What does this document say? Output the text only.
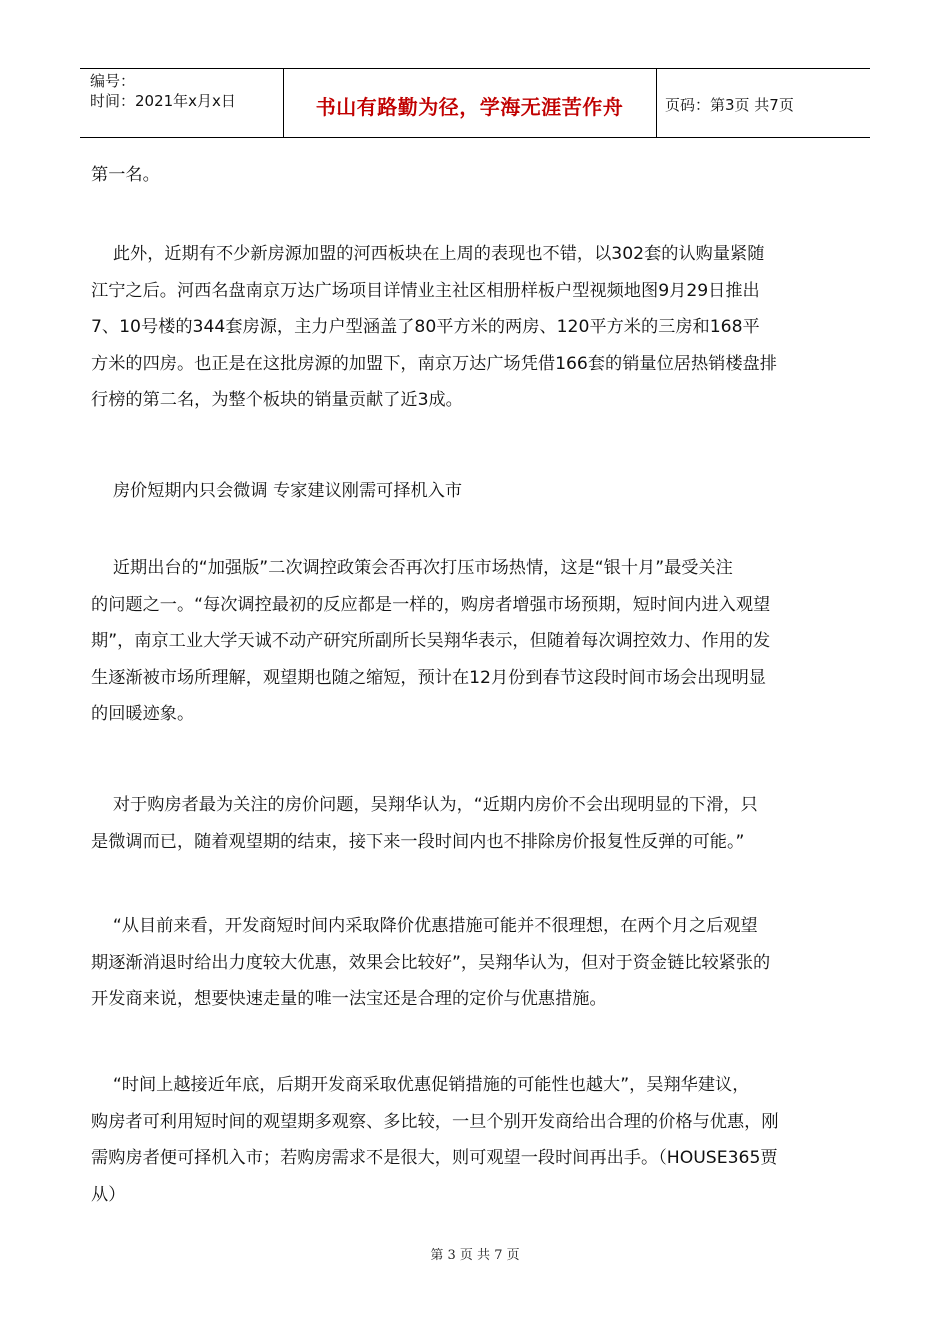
编号：
时间：2021年x月x日	书山有路勤为径，学海无涯苦作舟	页码：第3页 共7页
第一名。
此外，近期有不少新房源加盟的河西板块在上周的表现也不错，以302套的认购量紧随
江宁之后。河西名盘南京万达广场项目详情业主社区相册样板户型视频地图9月29日推出
7、10号楼的344套房源，主力户型涵盖了80平方米的两房、120平方米的三房和168平
方米的四房。也正是在这批房源的加盟下，南京万达广场凭借166套的销量位居热销楼盘排
行榜的第二名，为整个板块的销量贡献了近3成。
房价短期内只会微调 专家建议刚需可择机入市
近期出台的“加强版”二次调控政策会否再次打压市场热情，这是“银十月”最受关注
的问题之一。“每次调控最初的反应都是一样的，购房者增强市场预期，短时间内进入观望
期”，南京工业大学天诚不动产研究所副所长吴翔华表示，但随着每次调控效力、作用的发
生逐渐被市场所理解，观望期也随之缩短，预计在12月份到春节这段时间市场会出现明显
的回暖迹象。
对于购房者最为关注的房价问题，吴翔华认为，“近期内房价不会出现明显的下滑，只
是微调而已，随着观望期的结束，接下来一段时间内也不排除房价报复性反弹的可能。”
“从目前来看，开发商短时间内采取降价优惠措施可能并不很理想，在两个月之后观望
期逐渐消退时给出力度较大优惠，效果会比较好”，吴翔华认为，但对于资金链比较紧张的
开发商来说，想要快速走量的唯一法宝还是合理的定价与优惠措施。
“时间上越接近年底，后期开发商采取优惠促销措施的可能性也越大”，吴翔华建议，
购房者可利用短时间的观望期多观察、多比较，一旦个别开发商给出合理的价格与优惠，刚
需购房者便可择机入市；若购房需求不是很大，则可观望一段时间再出手。（HOUSE365贾
从）
第 3 页 共 7 页
